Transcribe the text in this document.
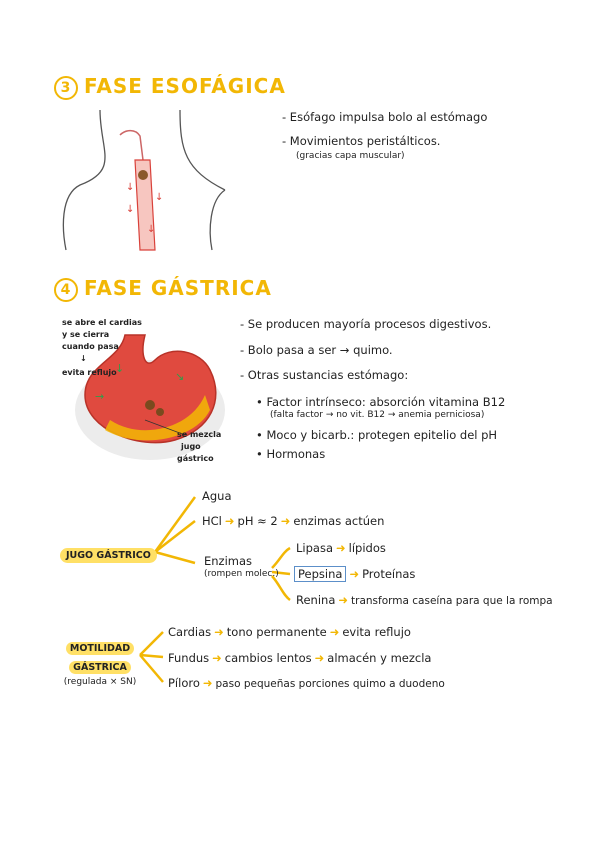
↓
↓
↓
↓
→
↓
↘
3 FASE ESOFÁGICA
- Esófago impulsa bolo al estómago
- Movimientos peristálticos.
(gracias capa muscular)
4 FASE GÁSTRICA
se abre el cardias
y se cierra
cuando pasa
↓
evita reflujo
se mezcla
jugo
gástrico
- Se producen mayoría procesos digestivos.
- Bolo pasa a ser → quimo.
- Otras sustancias estómago:
• Factor intrínseco: absorción vitamina B12
(falta factor → no vit. B12 → anemia perniciosa)
• Moco y bicarb.: protegen epitelio del pH
• Hormonas
JUGO GÁSTRICO
Agua
HCl ➜ pH ≈ 2 ➜ enzimas actúen
Enzimas
(rompen molec.)
Lipasa ➜ lípidos
Pepsina ➜ Proteínas
Renina ➜ transforma caseína para que la rompa
MOTILIDAD
GÁSTRICA
(regulada × SN)
Cardias ➜ tono permanente ➜ evita reflujo
Fundus ➜ cambios lentos ➜ almacén y mezcla
Píloro ➜ paso pequeñas porciones quimo a duodeno
